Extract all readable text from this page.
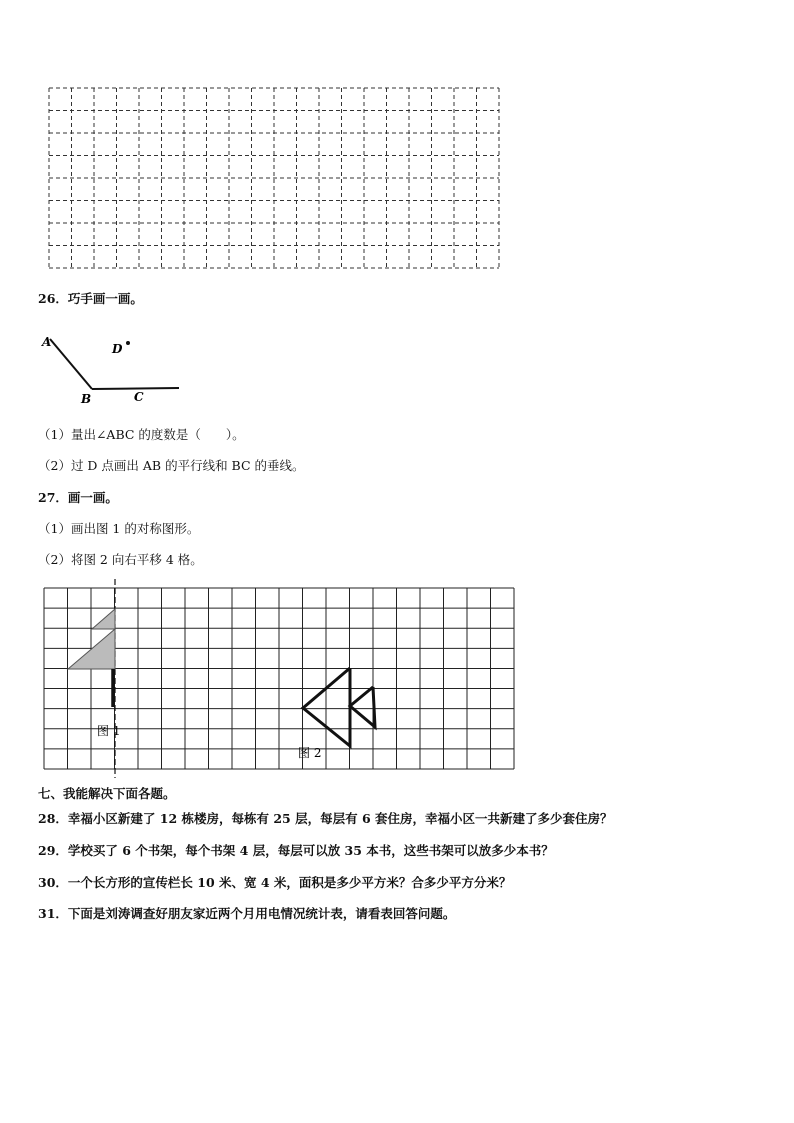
26．巧手画一画。
A	D
B	C
（1）量出∠ABC 的度数是（　　）。
（2）过 D 点画出 AB 的平行线和 BC 的垂线。
27．画一画。
（1）画出图 1 的对称图形。
（2）将图 2 向右平移 4 格。
图 1
图 2
七、我能解决下面各题。
28．幸福小区新建了 12 栋楼房，每栋有 25 层，每层有 6 套住房，幸福小区一共新建了多少套住房？
29．学校买了 6 个书架，每个书架 4 层，每层可以放 35 本书，这些书架可以放多少本书？
30．一个长方形的宣传栏长 10 米、宽 4 米，面积是多少平方米？合多少平方分米？
31．下面是刘涛调查好朋友家近两个月用电情况统计表，请看表回答问题。
